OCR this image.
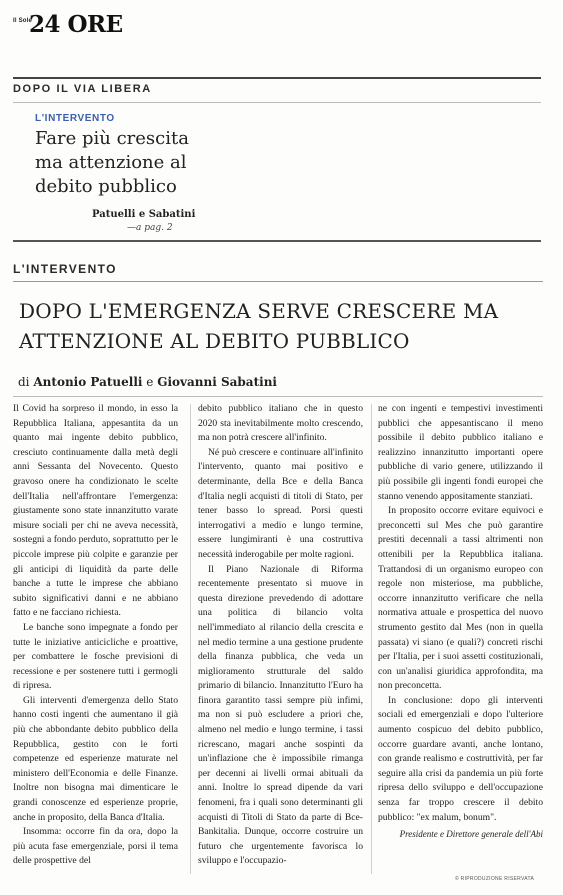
Il Sole
24 ORE
DOPO IL VIA LIBERA
L'INTERVENTO
Fare più crescita ma attenzione al debito pubblico
Patuelli e Sabatini
—a pag. 2
L'INTERVENTO
DOPO L'EMERGENZA SERVE CRESCERE MA ATTENZIONE AL DEBITO PUBBLICO
di Antonio Patuelli e Giovanni Sabatini

Il Covid ha sorpreso il mondo, in esso la Repubblica Italiana, appesantita da un quanto mai ingente debito pubblico, cresciuto continuamente dalla metà degli anni Sessanta del Novecento. Questo gravoso onere ha condizionato le scelte dell'Italia nell'affrontare l'emergenza: giustamente sono state innanzitutto varate misure sociali per chi ne aveva necessità, sostegni a fondo perduto, soprattutto per le piccole imprese più colpite e garanzie per gli anticipi di liquidità da parte delle banche a tutte le imprese che abbiano subito significativi danni e ne abbiano fatto e ne facciano richiesta.

Le banche sono impegnate a fondo per tutte le iniziative anticicliche e proattive, per combattere le fosche previsioni di recessione e per sostenere tutti i germogli di ripresa.

Gli interventi d'emergenza dello Stato hanno costi ingenti che aumentano il già più che abbondante debito pubblico della Repubblica, gestito con le forti competenze ed esperienze maturate nel ministero dell'Economia e delle Finanze. Inoltre non bisogna mai dimenticare le grandi conoscenze ed esperienze proprie, anche in proposito, della Banca d'Italia.

Insomma: occorre fin da ora, dopo la più acuta fase emergenziale, porsi il tema delle prospettive del

debito pubblico italiano che in questo 2020 sta inevitabilmente molto crescendo, ma non potrà crescere all'infinito.

Né può crescere e continuare all'infinito l'intervento, quanto mai positivo e determinante, della Bce e della Banca d'Italia negli acquisti di titoli di Stato, per tener basso lo spread. Porsi questi interrogativi a medio e lungo termine, essere lungimiranti è una costruttiva necessità inderogabile per molte ragioni.

Il Piano Nazionale di Riforma recentemente presentato si muove in questa direzione prevedendo di adottare una politica di bilancio volta nell'immediato al rilancio della crescita e nel medio termine a una gestione prudente della finanza pubblica, che veda un miglioramento strutturale del saldo primario di bilancio. Innanzitutto l'Euro ha finora garantito tassi sempre più infimi, ma non si può escludere a priori che, almeno nel medio e lungo termine, i tassi ricrescano, magari anche sospinti da un'inflazione che è impossibile rimanga per decenni ai livelli ormai abituali da anni. Inoltre lo spread dipende da vari fenomeni, fra i quali sono determinanti gli acquisti di Titoli di Stato da parte di Bce-Bankitalia. Dunque, occorre costruire un futuro che urgentemente favorisca lo sviluppo e l'occupazio-

ne con ingenti e tempestivi investimenti pubblici che appesantiscano il meno possibile il debito pubblico italiano e realizzino innanzitutto importanti opere pubbliche di vario genere, utilizzando il più possibile gli ingenti fondi europei che stanno venendo appositamente stanziati.

In proposito occorre evitare equivoci e preconcetti sul Mes che può garantire prestiti decennali a tassi altrimenti non ottenibili per la Repubblica italiana. Trattandosi di un organismo europeo con regole non misteriose, ma pubbliche, occorre innanzitutto verificare che nella normativa attuale e prospettica del nuovo strumento gestito dal Mes (non in quella passata) vi siano (e quali?) concreti rischi per l'Italia, per i suoi assetti costituzionali, con un'analisi giuridica approfondita, ma non preconcetta.

In conclusione: dopo gli interventi sociali ed emergenziali e dopo l'ulteriore aumento cospicuo del debito pubblico, occorre guardare avanti, anche lontano, con grande realismo e costruttività, per far seguire alla crisi da pandemia un più forte ripresa dello sviluppo e dell'occupazione senza far troppo crescere il debito pubblico: "ex malum, bonum".

Presidente e Direttore generale dell'Abi
© RIPRODUZIONE RISERVATA
